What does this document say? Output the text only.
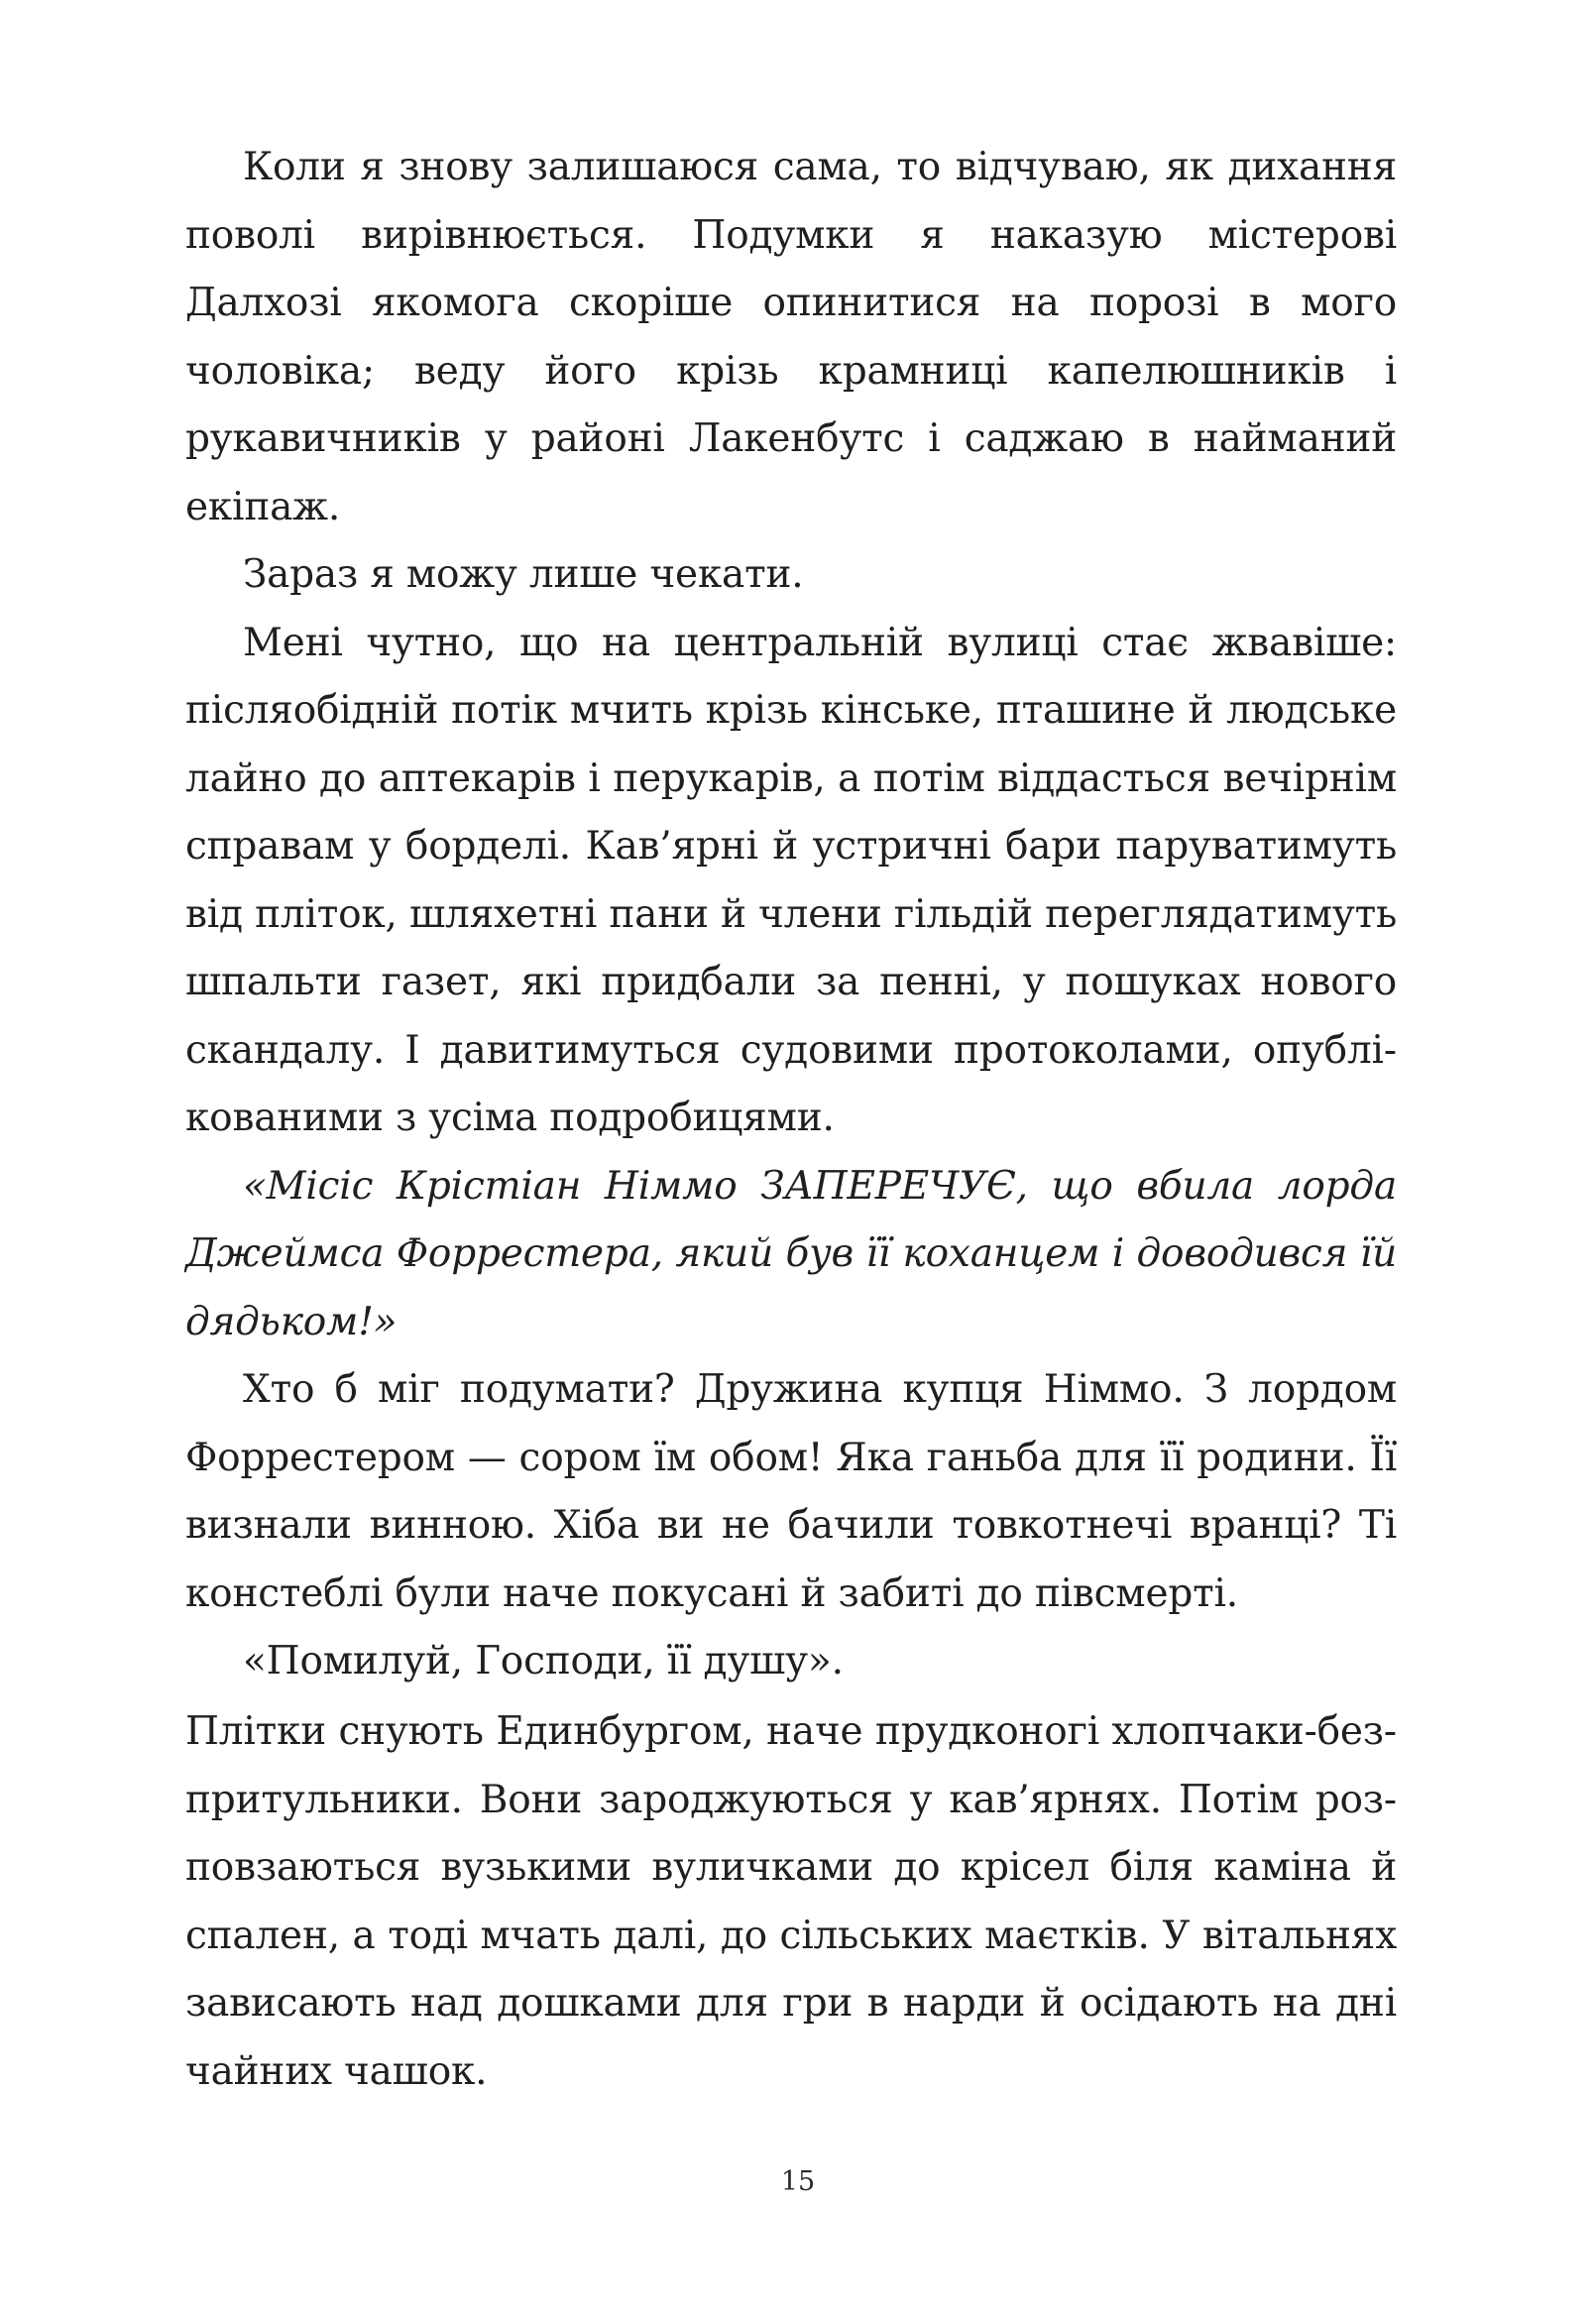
Коли я знову залишаюся сама, то відчуваю, як дихання поволі вирівнюється. Подумки я наказую містерові Далхозі якомога скоріше опинитися на порозі в мого чоловіка; веду його крізь крамниці капелюшників і рукавичників у районі Лакенбутс і саджаю в найманий екіпаж.

Зараз я можу лише чекати.

Мені чутно, що на центральній вулиці стає жвавіше: післяобідній потік мчить крізь кінське, пташине й людське лайно до аптекарів і перукарів, а потім віддасться вечірнім справам у борделі. Кав’ярні й устричні бари паруватимуть від пліток, шляхетні пани й члени гільдій переглядатимуть шпальти газет, які придбали за пенні, у пошуках нового скандалу. І давитимуться судовими протоколами, опублікованими з усіма подробицями.

«Місіс Крістіан Німмо ЗАПЕРЕЧУЄ, що вбила лорда Джеймса Форрестера, який був її коханцем і доводився їй дядьком!»

Хто б міг подумати? Дружина купця Німмо. З лордом Форрестером — сором їм обом! Яка ганьба для її родини. Її визнали винною. Хіба ви не бачили товкотнечі вранці? Ті констеблі були наче покусані й забиті до півсмерті.

«Помилуй, Господи, її душу».

Плітки снують Единбургом, наче прудконогі хлопчаки-безпритульники. Вони зароджуються у кав’ярнях. Потім розповзаються вузькими вуличками до крісел біля каміна й спален, а тоді мчать далі, до сільських маєтків. У вітальнях зависають над дошками для гри в нарди й осідають на дні чайних чашок.

15
